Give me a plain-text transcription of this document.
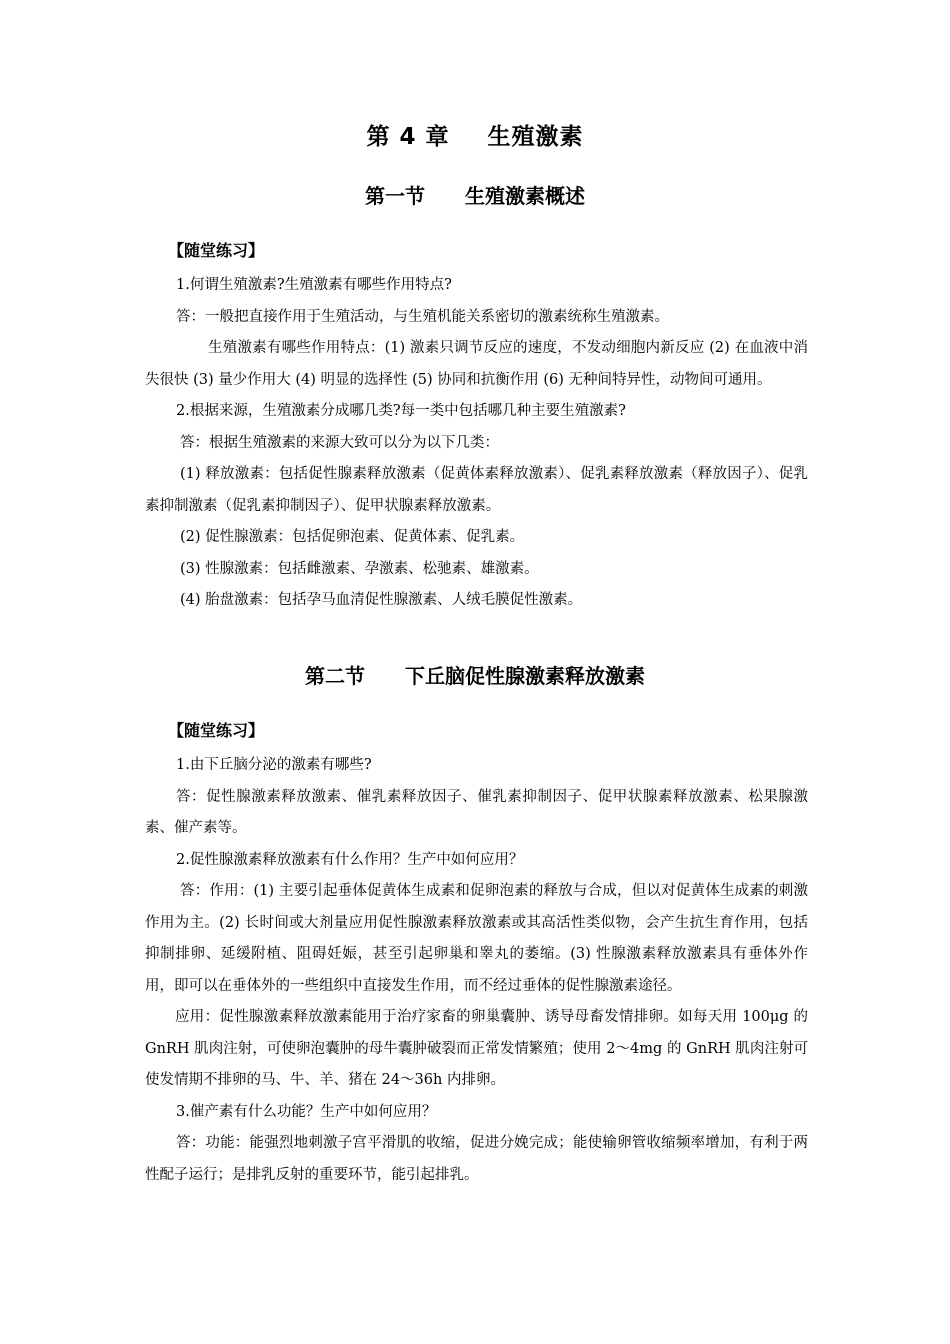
第 4 章 生殖激素
第一节 生殖激素概述
【随堂练习】

1.何谓生殖激素?生殖激素有哪些作用特点?

答：一般把直接作用于生殖活动，与生殖机能关系密切的激素统称生殖激素。

生殖激素有哪些作用特点：(1) 激素只调节反应的速度，不发动细胞内新反应 (2) 在血液中消失很快 (3) 量少作用大 (4) 明显的选择性 (5) 协同和抗衡作用 (6) 无种间特异性，动物间可通用。

2.根据来源，生殖激素分成哪几类?每一类中包括哪几种主要生殖激素?

答：根据生殖激素的来源大致可以分为以下几类：

(1) 释放激素：包括促性腺素释放激素（促黄体素释放激素）、促乳素释放激素（释放因子）、促乳素抑制激素（促乳素抑制因子）、促甲状腺素释放激素。

(2) 促性腺激素：包括促卵泡素、促黄体素、促乳素。

(3) 性腺激素：包括雌激素、孕激素、松驰素、雄激素。

(4) 胎盘激素：包括孕马血清促性腺激素、人绒毛膜促性激素。

第二节 下丘脑促性腺激素释放激素
【随堂练习】

1.由下丘脑分泌的激素有哪些?

答：促性腺激素释放激素、催乳素释放因子、催乳素抑制因子、促甲状腺素释放激素、松果腺激素、催产素等。

2.促性腺激素释放激素有什么作用？生产中如何应用？

答：作用：(1) 主要引起垂体促黄体生成素和促卵泡素的释放与合成，但以对促黄体生成素的刺激作用为主。(2) 长时间或大剂量应用促性腺激素释放激素或其高活性类似物，会产生抗生育作用，包括抑制排卵、延缓附植、阻碍妊娠，甚至引起卵巢和睾丸的萎缩。(3) 性腺激素释放激素具有垂体外作用，即可以在垂体外的一些组织中直接发生作用，而不经过垂体的促性腺激素途径。

应用：促性腺激素释放激素能用于治疗家畜的卵巢囊肿、诱导母畜发情排卵。如每天用 100μg 的 GnRH 肌肉注射，可使卵泡囊肿的母牛囊肿破裂而正常发情繁殖；使用 2～4mg 的 GnRH 肌肉注射可使发情期不排卵的马、牛、羊、猪在 24～36h 内排卵。

3.催产素有什么功能？生产中如何应用？

答：功能：能强烈地刺激子宫平滑肌的收缩，促进分娩完成；能使输卵管收缩频率增加，有利于两性配子运行；是排乳反射的重要环节，能引起排乳。
